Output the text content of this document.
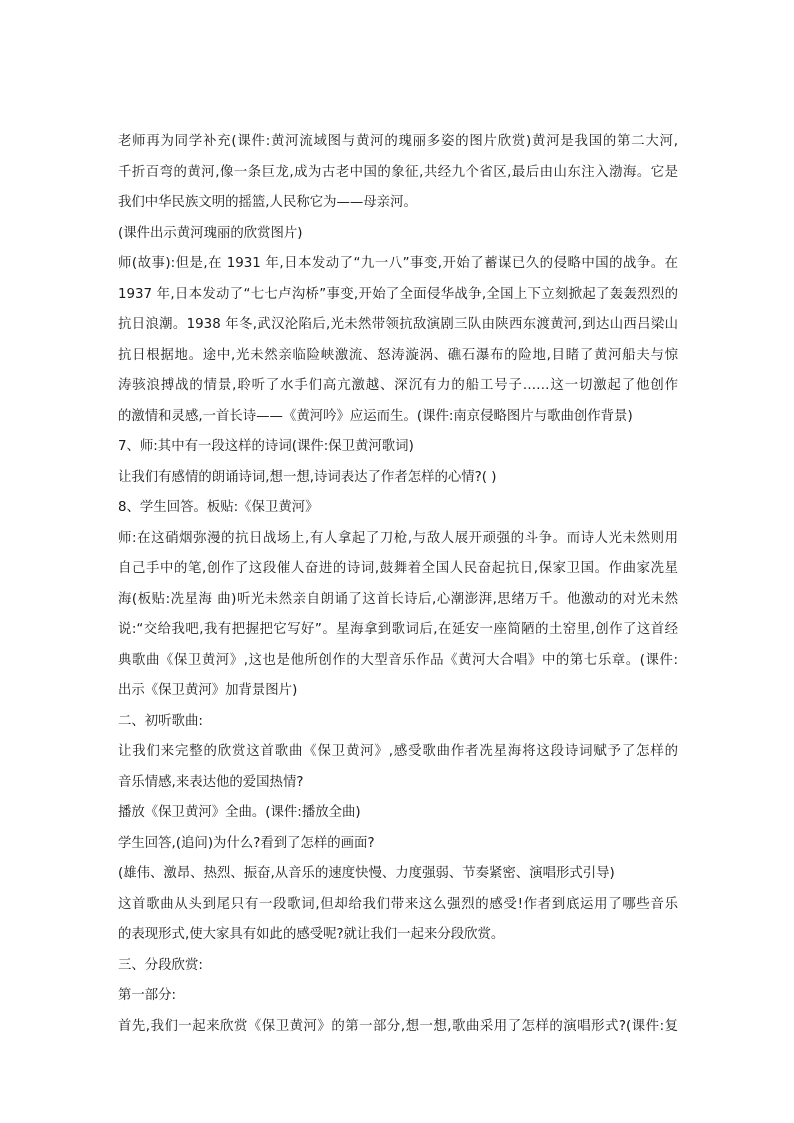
老师再为同学补充(课件:黄河流域图与黄河的瑰丽多姿的图片欣赏)黄河是我国的第二大河,
千折百弯的黄河,像一条巨龙,成为古老中国的象征,共经九个省区,最后由山东注入渤海。它是
我们中华民族文明的摇篮,人民称它为——母亲河。
(课件出示黄河瑰丽的欣赏图片)
师(故事):但是,在 1931 年,日本发动了“九一八”事变,开始了蓄谋已久的侵略中国的战争。在
1937 年,日本发动了“七七卢沟桥”事变,开始了全面侵华战争,全国上下立刻掀起了轰轰烈烈的
抗日浪潮。1938 年冬,武汉沦陷后,光未然带领抗敌演剧三队由陕西东渡黄河,到达山西吕梁山
抗日根据地。途中,光未然亲临险峡激流、怒涛漩涡、礁石瀑布的险地,目睹了黄河船夫与惊
涛骇浪搏战的情景,聆听了水手们高亢激越、深沉有力的船工号子……这一切激起了他创作
的激情和灵感,一首长诗——《黄河吟》应运而生。(课件:南京侵略图片与歌曲创作背景)
7、师:其中有一段这样的诗词(课件:保卫黄河歌词)
让我们有感情的朗诵诗词,想一想,诗词表达了作者怎样的心情?( )
8、学生回答。板贴:《保卫黄河》
师:在这硝烟弥漫的抗日战场上,有人拿起了刀枪,与敌人展开顽强的斗争。而诗人光未然则用
自己手中的笔,创作了这段催人奋进的诗词,鼓舞着全国人民奋起抗日,保家卫国。作曲家冼星
海(板贴:冼星海 曲)听光未然亲自朗诵了这首长诗后,心潮澎湃,思绪万千。他激动的对光未然
说:“交给我吧,我有把握把它写好”。星海拿到歌词后,在延安一座简陋的土窑里,创作了这首经
典歌曲《保卫黄河》,这也是他所创作的大型音乐作品《黄河大合唱》中的第七乐章。(课件:
出示《保卫黄河》加背景图片)
二、初听歌曲:
让我们来完整的欣赏这首歌曲《保卫黄河》,感受歌曲作者冼星海将这段诗词赋予了怎样的
音乐情感,来表达他的爱国热情?
播放《保卫黄河》全曲。(课件:播放全曲)
学生回答,(追问)为什么?看到了怎样的画面?
(雄伟、激昂、热烈、振奋,从音乐的速度快慢、力度强弱、节奏紧密、演唱形式引导)
这首歌曲从头到尾只有一段歌词,但却给我们带来这么强烈的感受!作者到底运用了哪些音乐
的表现形式,使大家具有如此的感受呢?就让我们一起来分段欣赏。
三、分段欣赏:
第一部分:
首先,我们一起来欣赏《保卫黄河》的第一部分,想一想,歌曲采用了怎样的演唱形式?(课件:复
